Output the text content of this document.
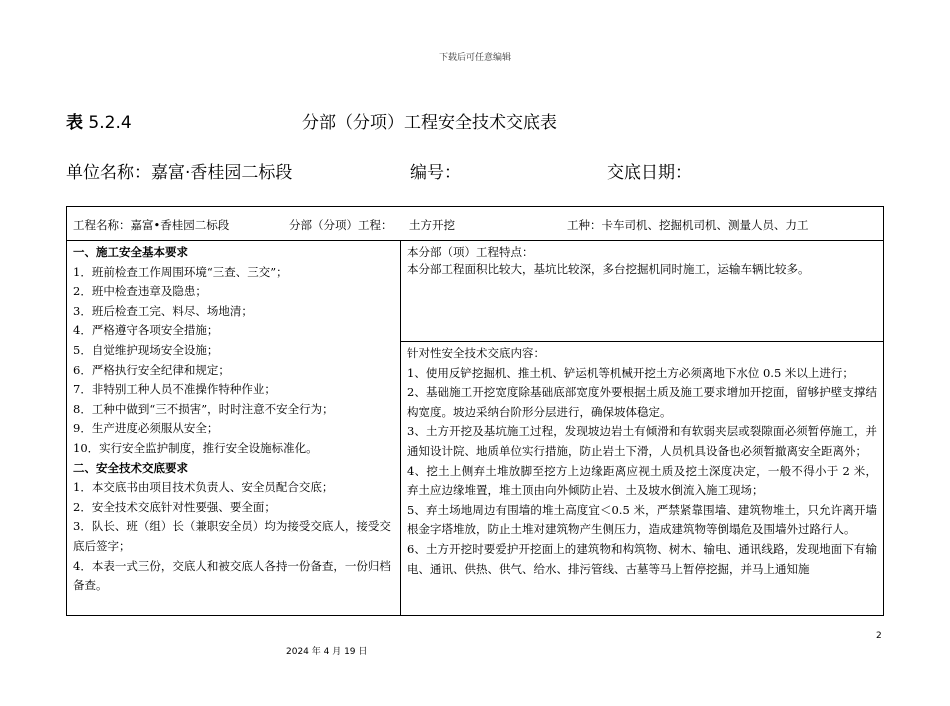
下载后可任意编辑
表 5.2.4	分部（分项）工程安全技术交底表
单位名称：嘉富·香桂园二标段	编号：	交底日期：
工程名称：嘉富•香桂园二标段	分部（分项）工程： 土方开挖	工种：卡车司机、挖掘机司机、测量人员、力工
一、施工安全基本要求
1．班前检查工作周围环境“三查、三交”；
2．班中检查违章及隐患；
3．班后检查工完、料尽、场地清；
4．严格遵守各项安全措施；
5．自觉维护现场安全设施；
6．严格执行安全纪律和规定；
7．非特别工种人员不准操作特种作业；
8．工种中做到“三不损害”，时时注意不安全行为；
9．生产进度必须服从安全；
10．实行安全监护制度，推行安全设施标准化。
二、安全技术交底要求
1．本交底书由项目技术负责人、安全员配合交底；
2．安全技术交底针对性要强、要全面；
3．队长、班（组）长（兼职安全员）均为接受交底人，接受交底后签字；
4．本表一式三份，交底人和被交底人各持一份备查，一份归档备查。
本分部（项）工程特点：
本分部工程面积比较大，基坑比较深，多台挖掘机同时施工，运输车辆比较多。
针对性安全技术交底内容：
1、使用反铲挖掘机、推土机、铲运机等机械开挖土方必须离地下水位 0.5 米以上进行；
2、基础施工开挖宽度除基础底部宽度外要根据土质及施工要求增加开挖面，留够护壁支撑结构宽度。坡边采纳台阶形分层进行，确保坡体稳定。
3、土方开挖及基坑施工过程，发现坡边岩土有倾滑和有软弱夹层或裂隙面必须暂停施工，并通知设计院、地质单位实行措施，防止岩土下滑，人员机具设备也必须暂撤离安全距离外；
4、挖土上侧弃土堆放脚至挖方上边缘距离应视土质及挖土深度决定，一般不得小于 2 米，弃土应边缘堆置，堆土顶由向外倾防止岩、土及坡水倒流入施工现场；
5、弃土场地周边有围墙的堆土高度宜＜0.5 米，严禁紧靠围墙、建筑物堆土，只允许离开墙根金字塔堆放，防止土堆对建筑物产生侧压力，造成建筑物等倒塌危及围墙外过路行人。
6、土方开挖时要爱护开挖面上的建筑物和构筑物、树木、输电、通讯线路，发现地面下有输电、通讯、供热、供气、给水、排污管线、古墓等马上暂停挖掘，并马上通知施
2
2024 年 4 月 19 日
